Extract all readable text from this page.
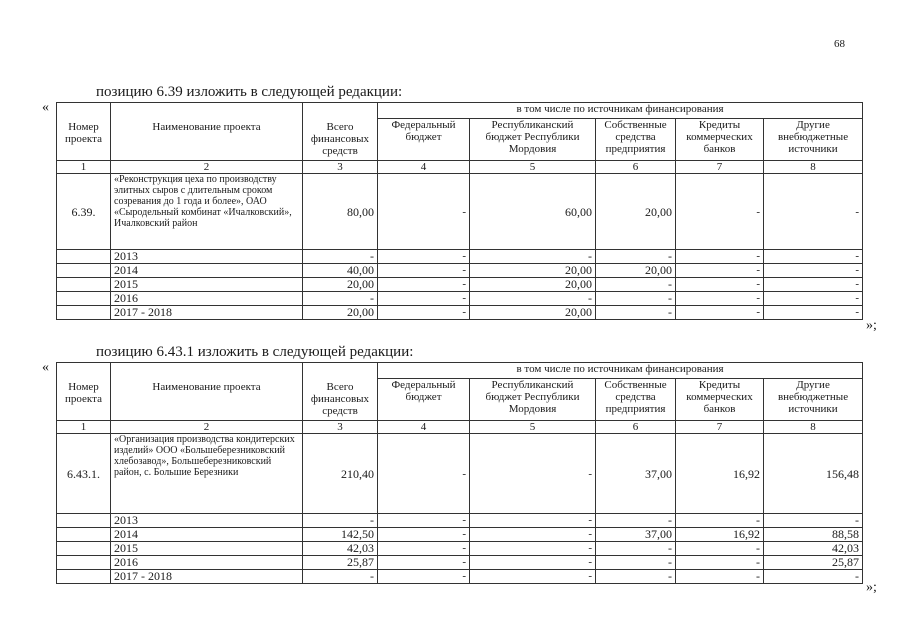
68
позицию 6.39 изложить в следующей редакции:
«
Номер проекта	Наименование проекта	Всего финансовых средств	в том числе по источникам финансирования				
			Федеральный бюджет	Республиканский бюджет Республики Мордовия	Собственные средства предприятия	Кредиты коммерческих банков	Другие внебюджетные источники
1	2	3	4	5	6	7	8
6.39.	«Реконструкция цеха по производству элитных сыров с длительным сроком созревания до 1 года и более», ОАО «Сыродельный комбинат «Ичалковский», Ичалковский район	80,00	-	60,00	20,00	-	-
	2013	-	-	-	-	-	-
	2014	40,00	-	20,00	20,00	-	-
	2015	20,00	-	20,00	-	-	-
	2016	-	-	-	-	-	-
	2017 - 2018	20,00	-	20,00	-	-	-
»;
позицию 6.43.1 изложить в следующей редакции:
«
Номер проекта	Наименование проекта	Всего финансовых средств	в том числе по источникам финансирования				
			Федеральный бюджет	Республиканский бюджет Республики Мордовия	Собственные средства предприятия	Кредиты коммерческих банков	Другие внебюджетные источники
1	2	3	4	5	6	7	8
6.43.1.	«Организация производства кондитерских изделий» ООО «Большеберезниковский хлебозавод», Большеберезниковский район, с. Большие Березники	210,40	-	-	37,00	16,92	156,48
	2013	-	-	-	-	-	-
	2014	142,50	-	-	37,00	16,92	88,58
	2015	42,03	-	-	-	-	42,03
	2016	25,87	-	-	-	-	25,87
	2017 - 2018	-	-	-	-	-	-
»;
